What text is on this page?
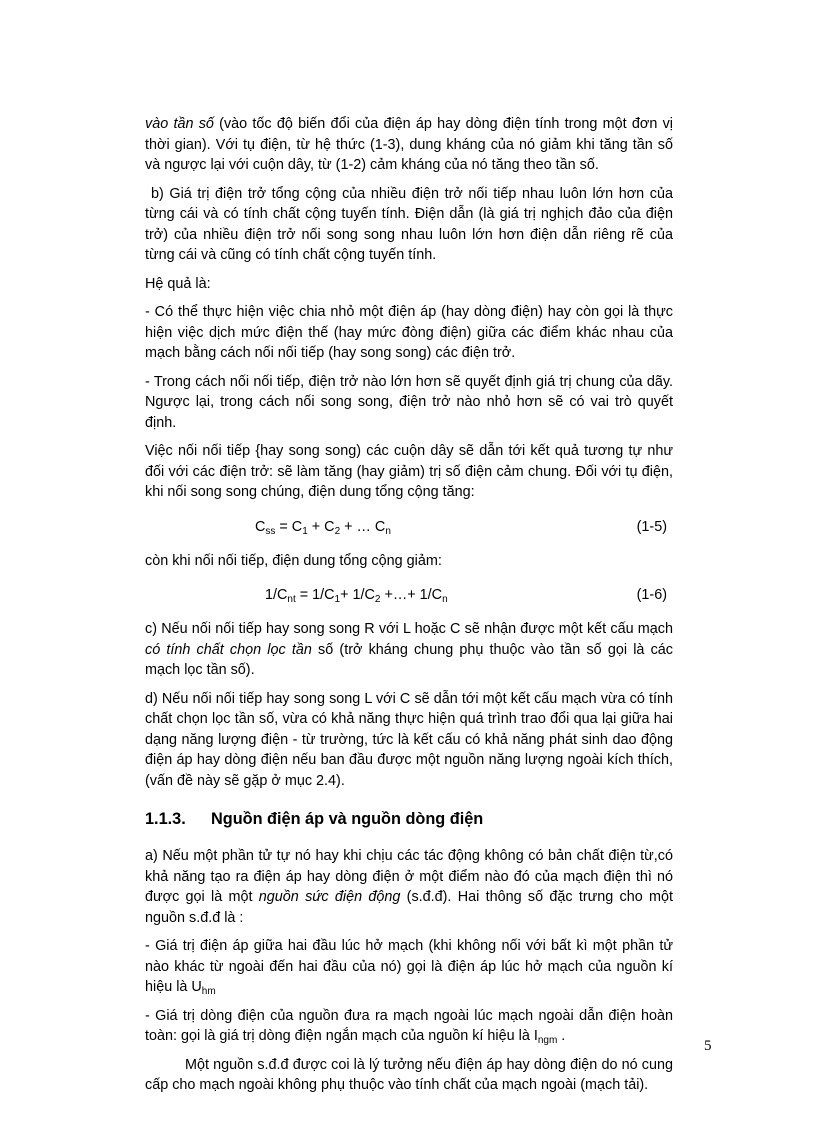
vào tần số (vào tốc độ biến đổi của điện áp hay dòng điện tính trong một đơn vị thời gian). Với tụ điện, từ hệ thức (1-3), dung kháng của nó giảm khi tăng tần số và ngược lại với cuộn dây, từ (1-2) cảm kháng của nó tăng theo tần số.

b) Giá trị điện trở tổng cộng của nhiều điện trở nối tiếp nhau luôn lớn hơn của từng cái và có tính chất cộng tuyến tính. Điện dẫn (là giá trị nghịch đảo của điện trở) của nhiều điện trở nối song song nhau luôn lớn hơn điện dẫn riêng rẽ của từng cái và cũng có tính chất cộng tuyến tính.

Hệ quả là:

- Có thể thực hiện việc chia nhỏ một điện áp (hay dòng điện) hay còn gọi là thực hiện việc dịch mức điện thế (hay mức đòng điện) giữa các điểm khác nhau của mạch bằng cách nối nối tiếp (hay song song) các điện trở.

- Trong cách nối nối tiếp, điện trở nào lớn hơn sẽ quyết định giá trị chung của dãy. Ngược lại, trong cách nối song song, điện trở nào nhỏ hơn sẽ có vai trò quyết định.

Việc nối nối tiếp {hay song song) các cuộn dây sẽ dẫn tới kết quả tương tự như đối với các điện trở: sẽ làm tăng (hay giảm) trị số điện cảm chung. Đối với tụ điện, khi nối song song chúng, điện dung tổng cộng tăng:

$C_{ss} = C_1 + C_2$ + … $C_n$	(1-5)

còn khi nối nối tiếp, điện dung tổng cộng giảm:

$1/C_{nt} = 1/C_1+ 1/C_2$ +…+ $1/C_n$	(1-6)

c) Nếu nối nối tiếp hay song song R với L hoặc C sẽ nhận được một kết cấu mạch có tính chất chọn lọc tần số (trở kháng chung phụ thuộc vào tần số gọi là các mạch lọc tần số).

d) Nếu nối nối tiếp hay song song L với C sẽ dẫn tới một kết cấu mạch vừa có tính chất chọn lọc tần số, vừa có khả năng thực hiện quá trình trao đổi qua lại giữa hai dạng năng lượng điện - từ trường, tức là kết cấu có khả năng phát sinh dao động điện áp hay dòng điện nếu ban đầu được một nguồn năng lượng ngoài kích thích, (vấn đề này sẽ gặp ở mục 2.4).

1.1.3. Nguồn điện áp và nguồn dòng điện

a) Nếu một phần tử tự nó hay khi chịu các tác động không có bản chất điện từ,có khả năng tạo ra điện áp hay dòng điện ở một điểm nào đó của mạch điện thì nó được gọi là một nguồn sức điện động (s.đ.đ). Hai thông số đặc trưng cho một nguồn s.đ.đ là :

- Giá trị điện áp giữa hai đầu lúc hở mạch (khi không nối với bất kì một phần tử nào khác từ ngoài đến hai đầu của nó) gọi là điện áp lúc hở mạch của nguồn kí hiệu là $U_{hm}$

- Giá trị dòng điện của nguồn đưa ra mạch ngoài lúc mạch ngoài dẫn điện hoàn toàn: gọi là giá trị dòng điện ngắn mạch của nguồn kí hiệu là $I_{ngm}$ .

Một nguồn s.đ.đ được coi là lý tưởng nếu điện áp hay dòng điện do nó cung cấp cho mạch ngoài không phụ thuộc vào tính chất của mạch ngoài (mạch tải).

5
